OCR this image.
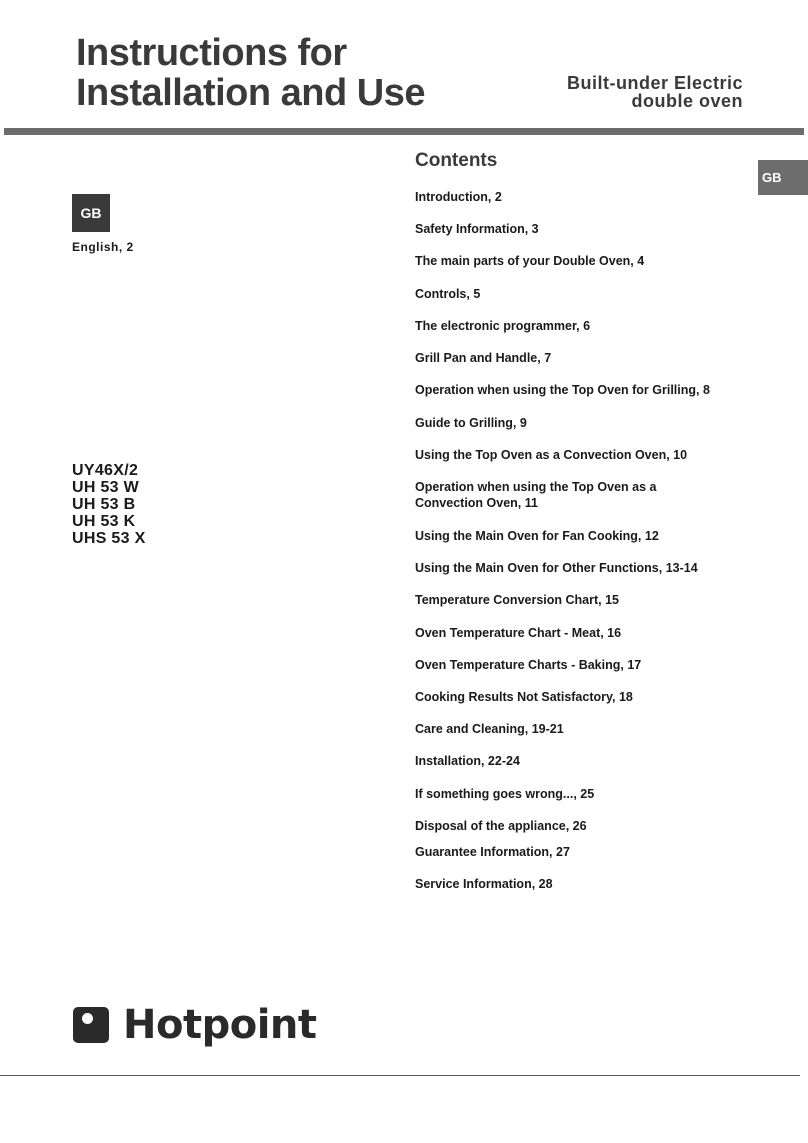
Instructions for
Installation and Use	Built-under Electric
double oven
GB
GB
English, 2
UY46X/2
UH 53 W
UH 53 B
UH 53 K
UHS 53 X
Contents
Introduction, 2
Safety Information, 3
The main parts of your Double Oven, 4
Controls, 5
The electronic programmer, 6
Grill Pan and Handle, 7
Operation when using the Top Oven for Grilling, 8
Guide to Grilling, 9
Using the Top Oven as a Convection Oven, 10
Operation when using the Top Oven as a Convection Oven, 11
Using the Main Oven for Fan Cooking, 12
Using the Main Oven for Other Functions, 13-14
Temperature Conversion Chart, 15
Oven Temperature Chart - Meat, 16
Oven Temperature Charts - Baking, 17
Cooking Results Not Satisfactory, 18
Care and Cleaning, 19-21
Installation, 22-24
If something goes wrong..., 25
Disposal of the appliance, 26
Guarantee Information, 27
Service Information, 28
Hotpoint
